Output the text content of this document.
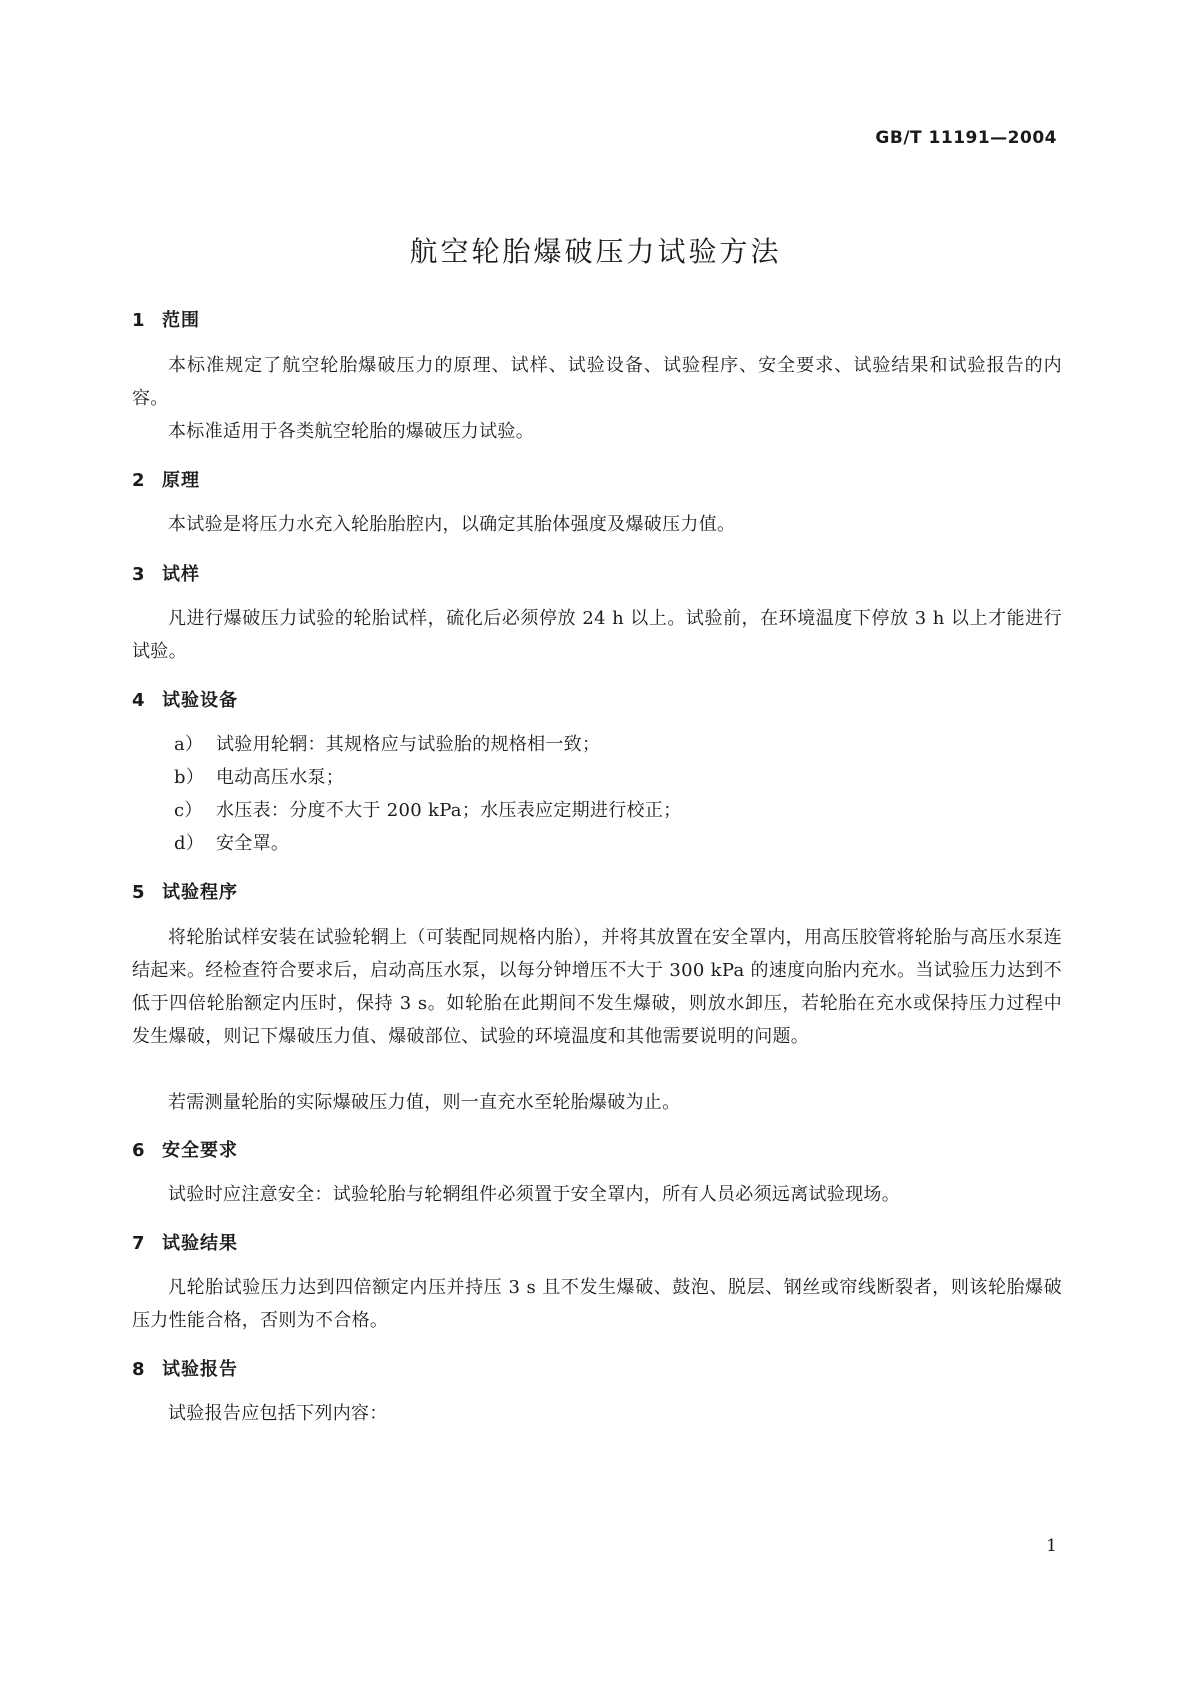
GB/T 11191—2004
航空轮胎爆破压力试验方法
1 范围
本标准规定了航空轮胎爆破压力的原理、试样、试验设备、试验程序、安全要求、试验结果和试验报告的内容。
本标准适用于各类航空轮胎的爆破压力试验。
2 原理
本试验是将压力水充入轮胎胎腔内，以确定其胎体强度及爆破压力值。
3 试样
凡进行爆破压力试验的轮胎试样，硫化后必须停放 24 h 以上。试验前，在环境温度下停放 3 h 以上才能进行试验。
4 试验设备
a） 试验用轮辋：其规格应与试验胎的规格相一致；
b） 电动高压水泵；
c） 水压表：分度不大于 200 kPa；水压表应定期进行校正；
d） 安全罩。
5 试验程序
将轮胎试样安装在试验轮辋上（可装配同规格内胎），并将其放置在安全罩内，用高压胶管将轮胎与高压水泵连结起来。经检查符合要求后，启动高压水泵，以每分钟增压不大于 300 kPa 的速度向胎内充水。当试验压力达到不低于四倍轮胎额定内压时，保持 3 s。如轮胎在此期间不发生爆破，则放水卸压，若轮胎在充水或保持压力过程中发生爆破，则记下爆破压力值、爆破部位、试验的环境温度和其他需要说明的问题。
若需测量轮胎的实际爆破压力值，则一直充水至轮胎爆破为止。
6 安全要求
试验时应注意安全：试验轮胎与轮辋组件必须置于安全罩内，所有人员必须远离试验现场。
7 试验结果
凡轮胎试验压力达到四倍额定内压并持压 3 s 且不发生爆破、鼓泡、脱层、钢丝或帘线断裂者，则该轮胎爆破压力性能合格，否则为不合格。
8 试验报告
试验报告应包括下列内容：
1
